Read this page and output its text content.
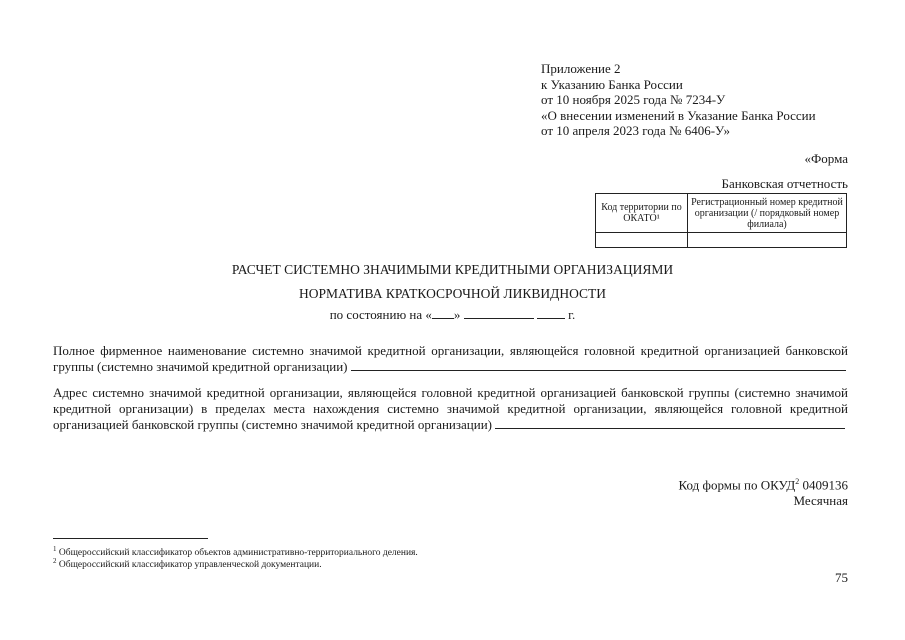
Приложение 2
к Указанию Банка России
от 10 ноября 2025 года № 7234-У
«О внесении изменений в Указание Банка России
от 10 апреля 2023 года № 6406-У»
«Форма
Банковская отчетность
Код территории по ОКАТО¹	Регистрационный номер кредитной организации (/ порядковый номер филиала)

РАСЧЕТ СИСТЕМНО ЗНАЧИМЫМИ КРЕДИТНЫМИ ОРГАНИЗАЦИЯМИ
НОРМАТИВА КРАТКОСРОЧНОЙ ЛИКВИДНОСТИ
по состоянию на « »	г.
Полное фирменное наименование системно значимой кредитной организации, являющейся головной кредитной организацией банковской группы (системно значимой кредитной организации)
Адрес системно значимой кредитной организации, являющейся головной кредитной организацией банковской группы (системно значимой кредитной организации) в пределах места нахождения системно значимой кредитной организации, являющейся головной кредитной организацией банковской группы (системно значимой кредитной организации)
Код формы по ОКУД$^2$ 0409136
Месячная
$^1$ Общероссийский классификатор объектов административно-территориального деления.
$^2$ Общероссийский классификатор управленческой документации.
75
